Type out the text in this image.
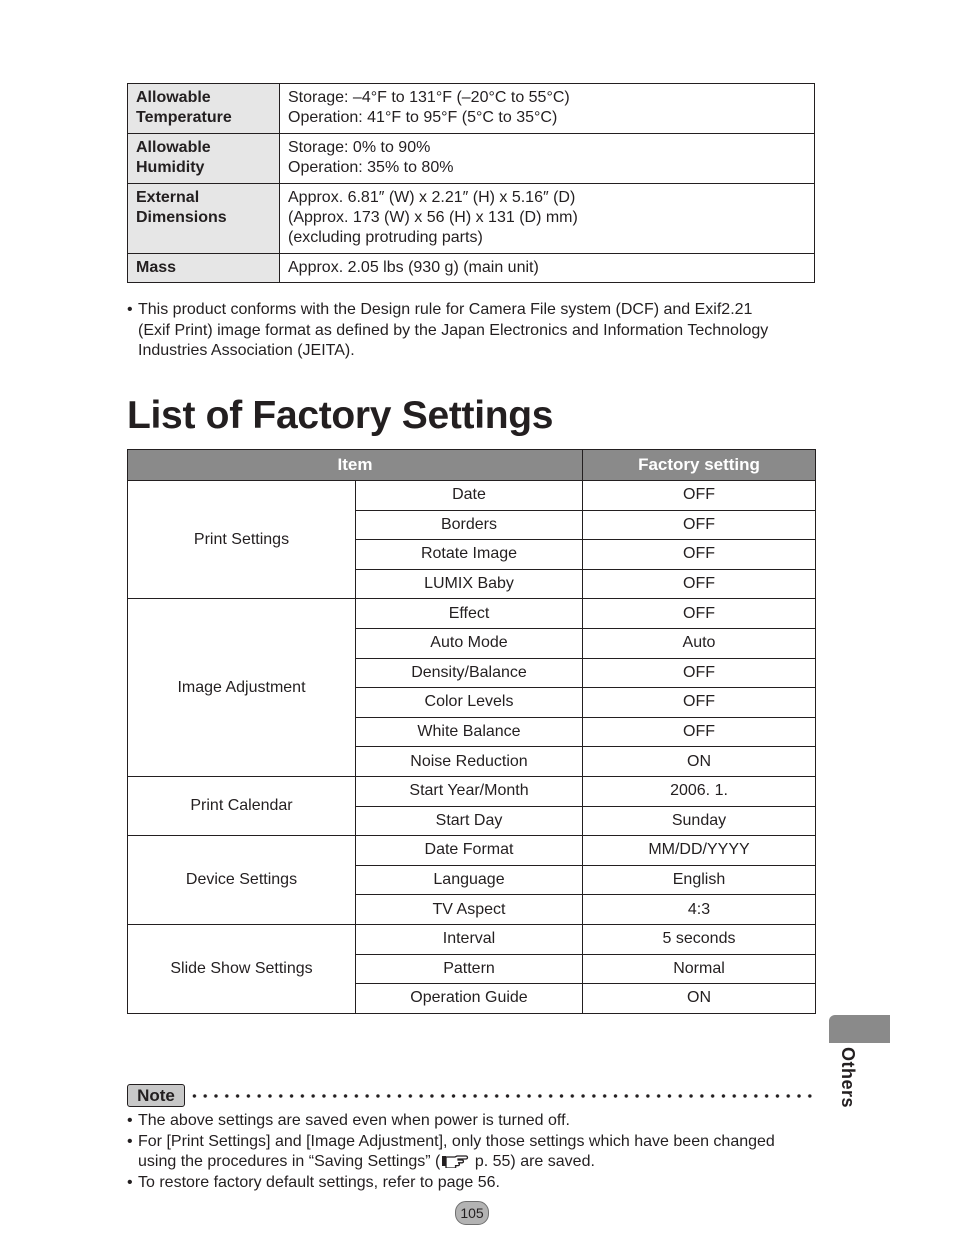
Allowable
Temperature	Storage: –4°F to 131°F (–20°C to 55°C)
Operation: 41°F to 95°F (5°C to 35°C)

Allowable
Humidity	Storage: 0% to 90%
Operation: 35% to 80%

External
Dimensions	Approx. 6.81″ (W) x 2.21″ (H) x 5.16″ (D)
(Approx. 173 (W) x 56 (H) x 131 (D) mm)
(excluding protruding parts)

Mass	Approx. 2.05 lbs (930 g) (main unit)
• This product conforms with the Design rule for Camera File system (DCF) and Exif2.21
(Exif Print) image format as defined by the Japan Electronics and Information Technology
Industries Association (JEITA).
List of Factory Settings
Item		Factory setting
Print Settings	Date	OFF
	Borders	OFF
	Rotate Image	OFF
	LUMIX Baby	OFF
Image Adjustment	Effect	OFF
	Auto Mode	Auto
	Density/Balance	OFF
	Color Levels	OFF
	White Balance	OFF
	Noise Reduction	ON
Print Calendar	Start Year/Month	2006. 1.
	Start Day	Sunday
Device Settings	Date Format	MM/DD/YYYY
	Language	English
	TV Aspect	4:3
Slide Show Settings	Interval	5 seconds
	Pattern	Normal
	Operation Guide	ON
Others
Note
• The above settings are saved even when power is turned off.
• For [Print Settings] and [Image Adjustment], only those settings which have been changed
using the procedures in “Saving Settings” ( p. 55) are saved.
• To restore factory default settings, refer to page 56.
105
